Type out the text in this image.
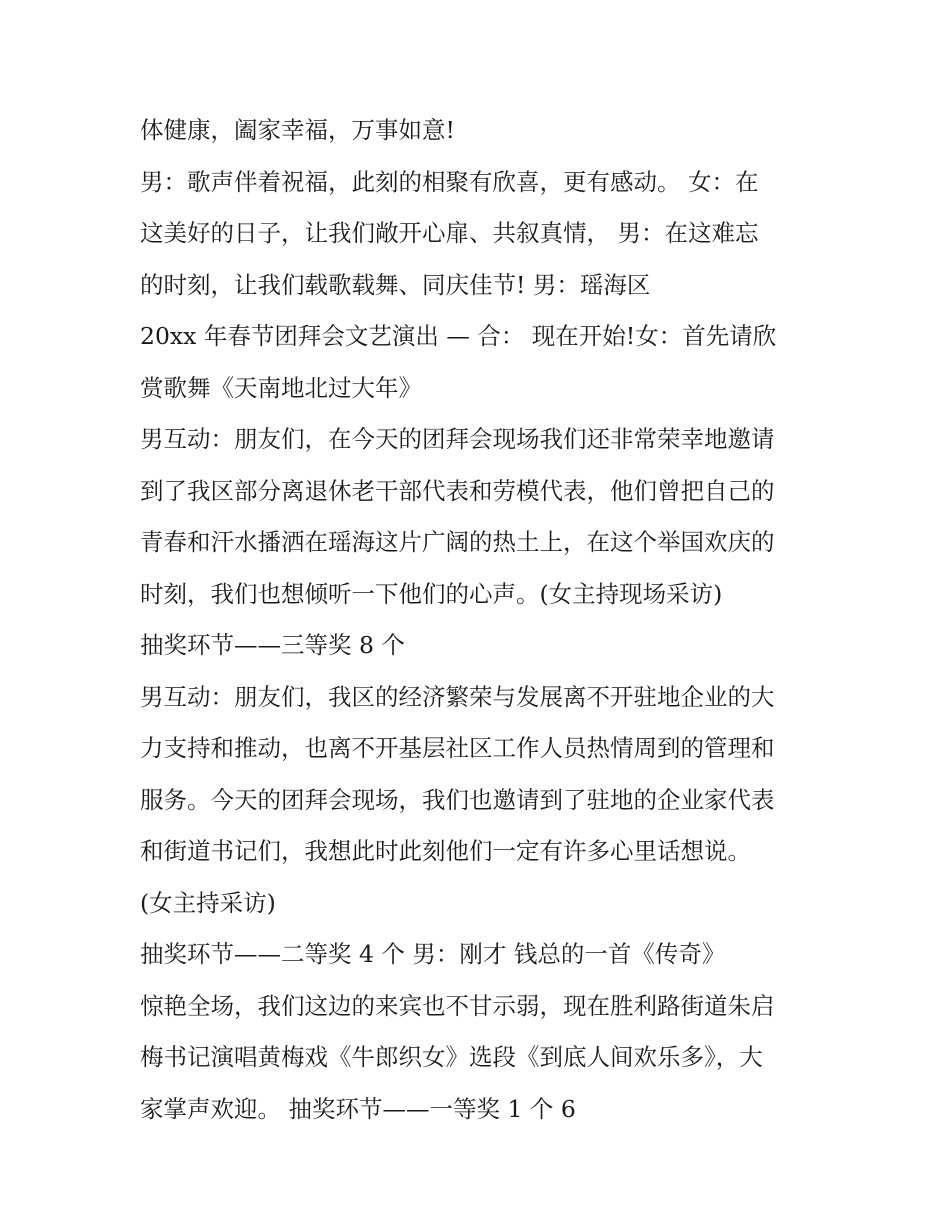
体健康，阖家幸福，万事如意!
男：歌声伴着祝福，此刻的相聚有欣喜，更有感动。 女：在
这美好的日子，让我们敞开心扉、共叙真情， 男：在这难忘
的时刻，让我们载歌载舞、同庆佳节! 男：瑶海区
20xx 年春节团拜会文艺演出 — 合： 现在开始!女：首先请欣
赏歌舞《天南地北过大年》
男互动：朋友们，在今天的团拜会现场我们还非常荣幸地邀请
到了我区部分离退休老干部代表和劳模代表，他们曾把自己的
青春和汗水播洒在瑶海这片广阔的热土上，在这个举国欢庆的
时刻，我们也想倾听一下他们的心声。(女主持现场采访)
抽奖环节——三等奖 8 个
男互动：朋友们，我区的经济繁荣与发展离不开驻地企业的大
力支持和推动，也离不开基层社区工作人员热情周到的管理和
服务。今天的团拜会现场，我们也邀请到了驻地的企业家代表
和街道书记们，我想此时此刻他们一定有许多心里话想说。
(女主持采访)
抽奖环节——二等奖 4 个 男：刚才 钱总的一首《传奇》
惊艳全场，我们这边的来宾也不甘示弱，现在胜利路街道朱启
梅书记演唱黄梅戏《牛郎织女》选段《到底人间欢乐多》，大
家掌声欢迎。 抽奖环节——一等奖 1 个 6
